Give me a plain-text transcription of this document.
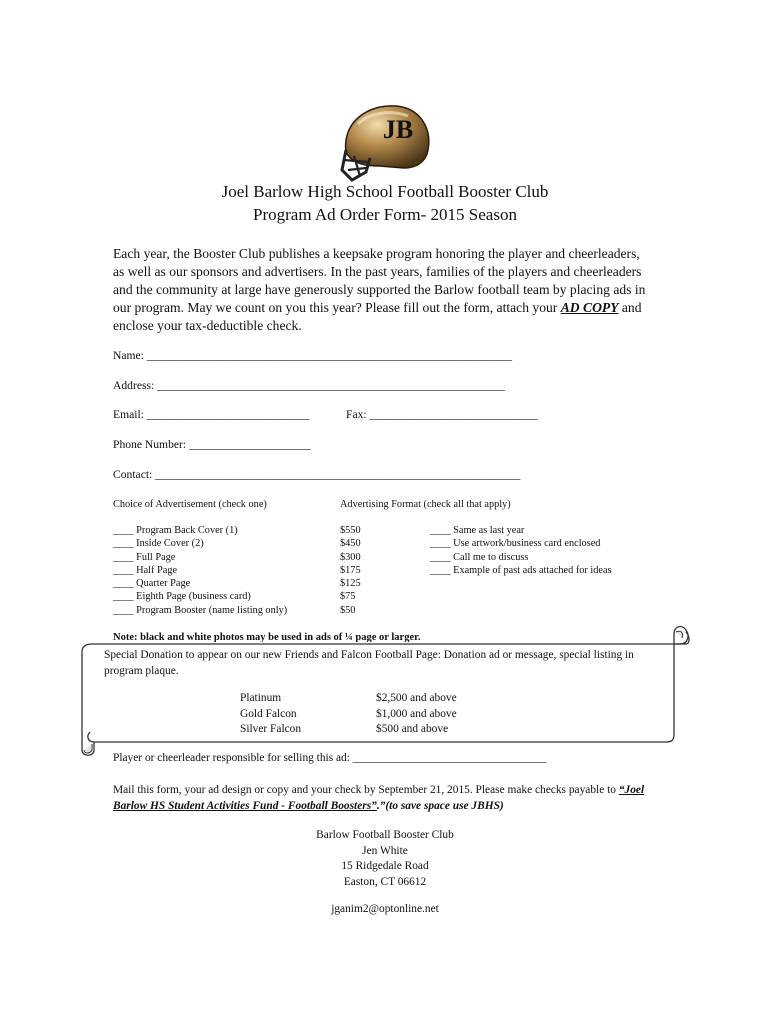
JB
Joel Barlow High School Football Booster Club
Program Ad Order Form- 2015 Season
Each year, the Booster Club publishes a keepsake program honoring the player and cheerleaders, as well as our sponsors and advertisers. In the past years, families of the players and cheerleaders and the community at large have generously supported the Barlow football team by placing ads in our program. May we count on you this year? Please fill out the form, attach your AD COPY and enclose your tax-deductible check.
Name: _______________________________________________________________
Address: ____________________________________________________________
Email: ____________________________	Fax: _____________________________
Phone Number: _____________________
Contact: _______________________________________________________________
Choice of Advertisement (check one)	Advertising Format (check all that apply)
____ Program Back Cover (1)
____ Inside Cover (2)
____ Full Page
____ Half Page
____ Quarter Page
____ Eighth Page (business card)
____ Program Booster (name listing only)
$550
$450
$300
$175
$125
$75
$50
____ Same as last year
____ Use artwork/business card enclosed
____ Call me to discuss
____ Example of past ads attached for ideas
Note: black and white photos may be used in ads of ¼ page or larger.
Special Donation to appear on our new Friends and Falcon Football Page: Donation ad or message, special listing in program plaque.
Platinum
Gold Falcon
Silver Falcon
$2,500 and above
$1,000 and above
$500 and above
Player or cheerleader responsible for selling this ad: __________________________________
Mail this form, your ad design or copy and your check by September 21, 2015. Please make checks payable to “Joel Barlow HS Student Activities Fund - Football Boosters”.”(to save space use JBHS)
Barlow Football Booster Club
Jen White
15 Ridgedale Road
Easton, CT 06612
jganim2@optonline.net
